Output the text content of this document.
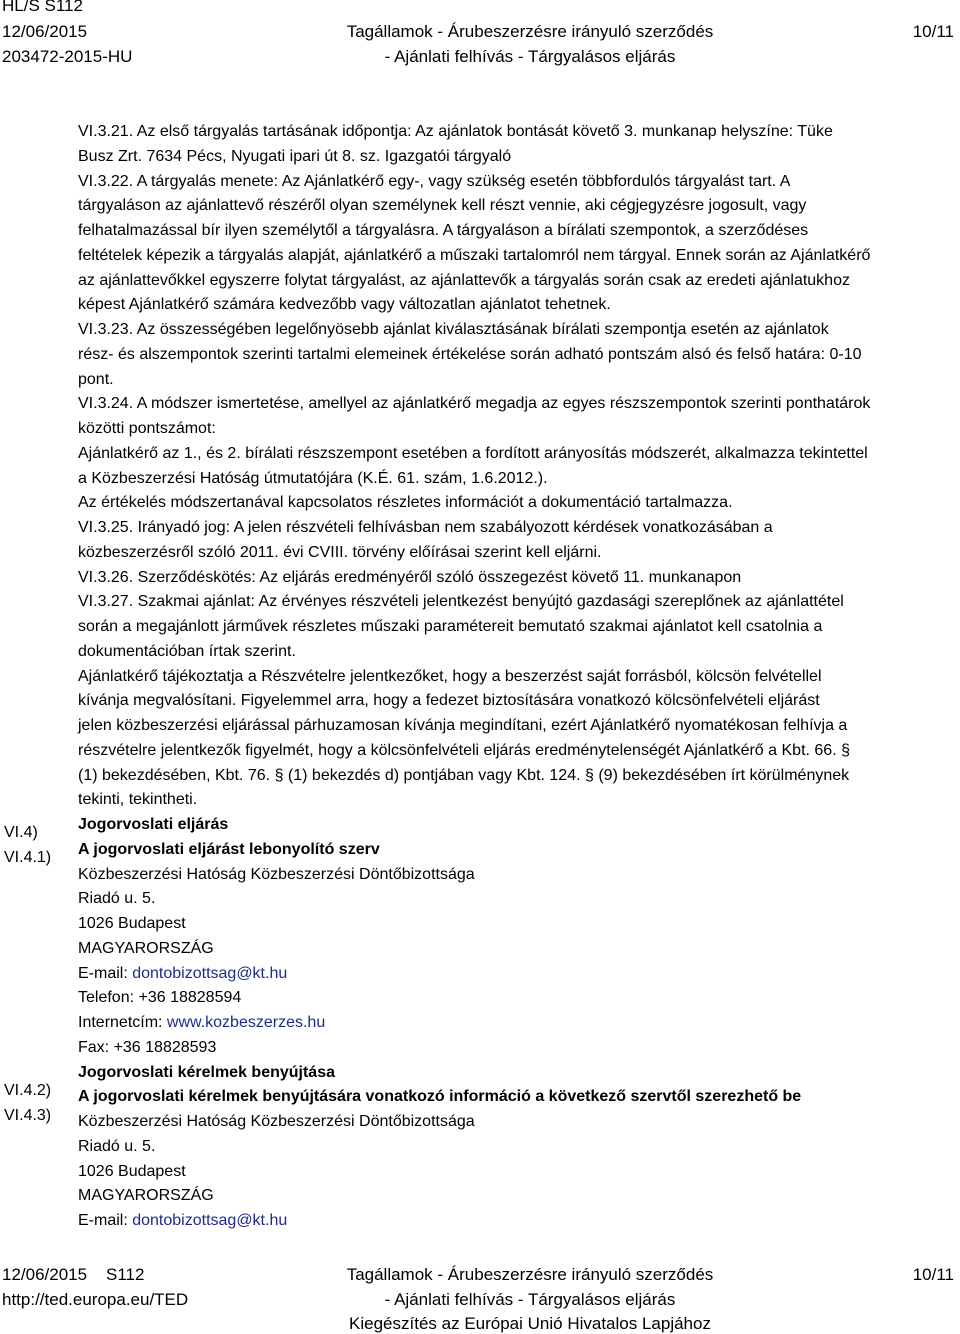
HL/S S112
12/06/2015
203472-2015-HU
Tagállamok - Árubeszerzésre irányuló szerződés
- Ajánlati felhívás - Tárgyalásos eljárás
10/11
VI.4)
VI.4.1)
VI.4.2)
VI.4.3)
VI.3.21. Az első tárgyalás tartásának időpontja: Az ajánlatok bontását követő 3. munkanap helyszíne: Tüke
Busz Zrt. 7634 Pécs, Nyugati ipari út 8. sz. Igazgatói tárgyaló
VI.3.22. A tárgyalás menete: Az Ajánlatkérő egy-, vagy szükség esetén többfordulós tárgyalást tart. A
tárgyaláson az ajánlattevő részéről olyan személynek kell részt vennie, aki cégjegyzésre jogosult, vagy
felhatalmazással bír ilyen személytől a tárgyalásra. A tárgyaláson a bírálati szempontok, a szerződéses
feltételek képezik a tárgyalás alapját, ajánlatkérő a műszaki tartalomról nem tárgyal. Ennek során az Ajánlatkérő
az ajánlattevőkkel egyszerre folytat tárgyalást, az ajánlattevők a tárgyalás során csak az eredeti ajánlatukhoz
képest Ajánlatkérő számára kedvezőbb vagy változatlan ajánlatot tehetnek.
VI.3.23. Az összességében legelőnyösebb ajánlat kiválasztásának bírálati szempontja esetén az ajánlatok
rész- és alszempontok szerinti tartalmi elemeinek értékelése során adható pontszám alsó és felső határa: 0-10
pont.
VI.3.24. A módszer ismertetése, amellyel az ajánlatkérő megadja az egyes részszempontok szerinti ponthatárok
közötti pontszámot:
Ajánlatkérő az 1., és 2. bírálati részszempont esetében a fordított arányosítás módszerét, alkalmazza tekintettel
a Közbeszerzési Hatóság útmutatójára (K.É. 61. szám, 1.6.2012.).
Az értékelés módszertanával kapcsolatos részletes információt a dokumentáció tartalmazza.
VI.3.25. Irányadó jog: A jelen részvételi felhívásban nem szabályozott kérdések vonatkozásában a
közbeszerzésről szóló 2011. évi CVIII. törvény előírásai szerint kell eljárni.
VI.3.26. Szerződéskötés: Az eljárás eredményéről szóló összegezést követő 11. munkanapon
VI.3.27. Szakmai ajánlat: Az érvényes részvételi jelentkezést benyújtó gazdasági szereplőnek az ajánlattétel
során a megajánlott járművek részletes műszaki paramétereit bemutató szakmai ajánlatot kell csatolnia a
dokumentációban írtak szerint.
Ajánlatkérő tájékoztatja a Részvételre jelentkezőket, hogy a beszerzést saját forrásból, kölcsön felvétellel
kívánja megvalósítani. Figyelemmel arra, hogy a fedezet biztosítására vonatkozó kölcsönfelvételi eljárást
jelen közbeszerzési eljárással párhuzamosan kívánja megindítani, ezért Ajánlatkérő nyomatékosan felhívja a
részvételre jelentkezők figyelmét, hogy a kölcsönfelvételi eljárás eredménytelenségét Ajánlatkérő a Kbt. 66. §
(1) bekezdésében, Kbt. 76. § (1) bekezdés d) pontjában vagy Kbt. 124. § (9) bekezdésében írt körülménynek
tekinti, tekintheti.
Jogorvoslati eljárás
A jogorvoslati eljárást lebonyolító szerv
Közbeszerzési Hatóság Közbeszerzési Döntőbizottsága
Riadó u. 5.
1026 Budapest
MAGYARORSZÁG
E-mail: dontobizottsag@kt.hu
Telefon: +36 18828594
Internetcím: www.kozbeszerzes.hu
Fax: +36 18828593
Jogorvoslati kérelmek benyújtása
A jogorvoslati kérelmek benyújtására vonatkozó információ a következő szervtől szerezhető be
Közbeszerzési Hatóság Közbeszerzési Döntőbizottsága
Riadó u. 5.
1026 Budapest
MAGYARORSZÁG
E-mail: dontobizottsag@kt.hu
12/06/2015    S112
http://ted.europa.eu/TED
Tagállamok - Árubeszerzésre irányuló szerződés
- Ajánlati felhívás - Tárgyalásos eljárás
Kiegészítés az Európai Unió Hivatalos Lapjához
10/11
